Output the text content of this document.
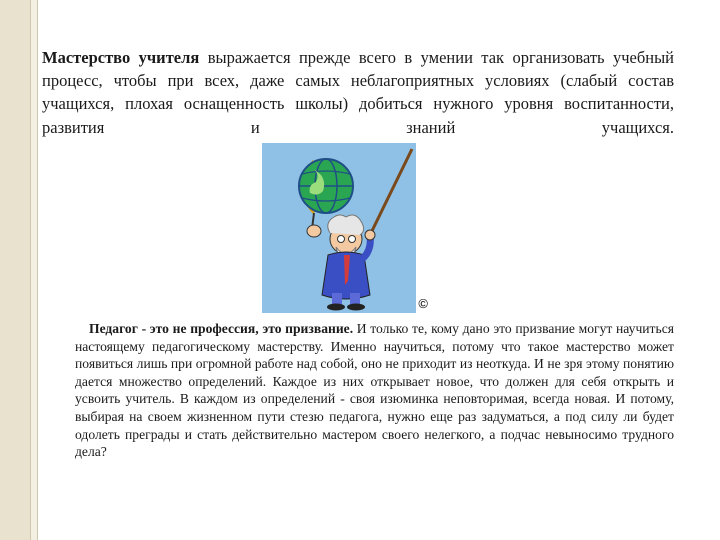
Мастерство учителя выражается прежде всего в умении так организовать учебный процесс, чтобы при всех, даже самых неблагоприятных условиях (слабый состав учащихся, плохая оснащенность школы) добиться нужного уровня воспитанности, развития и знаний учащихся.

©

Педагог - это не профессия, это призвание. И только те, кому дано это призвание могут научиться настоящему педагогическому мастерству. Именно научиться, потому что такое мастерство может появиться лишь при огромной работе над собой, оно не приходит из неоткуда. И не зря этому понятию дается множество определений. Каждое из них открывает новое, что должен для себя открыть и усвоить учитель. В каждом из определений - своя изюминка неповторимая, всегда новая. И потому, выбирая на своем жизненном пути стезю педагога, нужно еще раз задуматься, а под силу ли будет одолеть преграды и стать действительно мастером своего нелегкого, а подчас невыносимо трудного дела?
